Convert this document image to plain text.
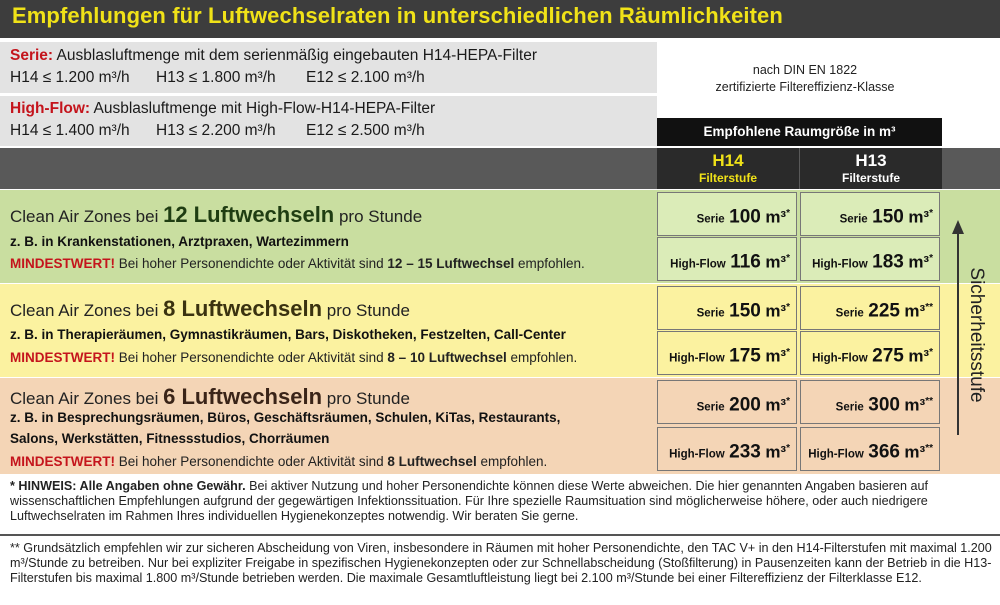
Empfehlungen für Luftwechselraten in unterschiedlichen Räumlichkeiten
Serie: Ausblasluftmenge mit dem serienmäßig eingebauten H14-HEPA-Filter
H14 ≤ 1.200 m³/h H13 ≤ 1.800 m³/h E12 ≤ 2.100 m³/h
High-Flow: Ausblasluftmenge mit High-Flow-H14-HEPA-Filter
H14 ≤ 1.400 m³/h H13 ≤ 2.200 m³/h E12 ≤ 2.500 m³/h
nach DIN EN 1822
zertifizierte Filtereffizienz-Klasse
Empfohlene Raumgröße in m³
H14
Filterstufe
H13
Filterstufe
Clean Air Zones bei 12 Luftwechseln pro Stunde
z. B. in Krankenstationen, Arztpraxen, Wartezimmern
MINDESTWERT! Bei hoher Personendichte oder Aktivität sind 12 – 15 Luftwechsel empfohlen.
Serie 100 m³*	Serie 150 m³*
High-Flow 116 m³*	High-Flow 183 m³*
Clean Air Zones bei 8 Luftwechseln pro Stunde
z. B. in Therapieräumen, Gymnastikräumen, Bars, Diskotheken, Festzelten, Call-Center
MINDESTWERT! Bei hoher Personendichte oder Aktivität sind 8 – 10 Luftwechsel empfohlen.
Serie 150 m³*	Serie 225 m³**
High-Flow 175 m³*	High-Flow 275 m³*
Clean Air Zones bei 6 Luftwechseln pro Stunde
z. B. in Besprechungsräumen, Büros, Geschäftsräumen, Schulen, KiTas, Restaurants,
Salons, Werkstätten, Fitnessstudios, Chorräumen
MINDESTWERT! Bei hoher Personendichte oder Aktivität sind 8 Luftwechsel empfohlen.
Serie 200 m³*	Serie 300 m³**
High-Flow 233 m³*	High-Flow 366 m³**
Sicherheitsstufe

* HINWEIS: Alle Angaben ohne Gewähr. Bei aktiver Nutzung und hoher Personendichte können diese Werte abweichen. Die hier genannten Angaben basieren auf wissenschaftlichen Empfehlungen aufgrund der gegewärtigen Infektionssituation. Für Ihre spezielle Raumsituation sind möglicherweise höhere, oder auch niedrigere Luftwechselraten im Rahmen Ihres individuellen Hygienekonzeptes notwendig. Wir beraten Sie gerne.

** Grundsätzlich empfehlen wir zur sicheren Abscheidung von Viren, insbesondere in Räumen mit hoher Personendichte, den TAC V+ in den H14-Filterstufen mit maximal 1.200 m³/Stunde zu betreiben. Nur bei expliziter Freigabe in spezifischen Hygienekonzepten oder zur Schnellabscheidung (Stoßfilterung) in Pausenzeiten kann der Betrieb in die H13-Filterstufen bis maximal 1.800 m³/Stunde betrieben werden. Die maximale Gesamtluftleistung liegt bei 2.100 m³/Stunde bei einer Filtereffizienz der Filterklasse E12.
